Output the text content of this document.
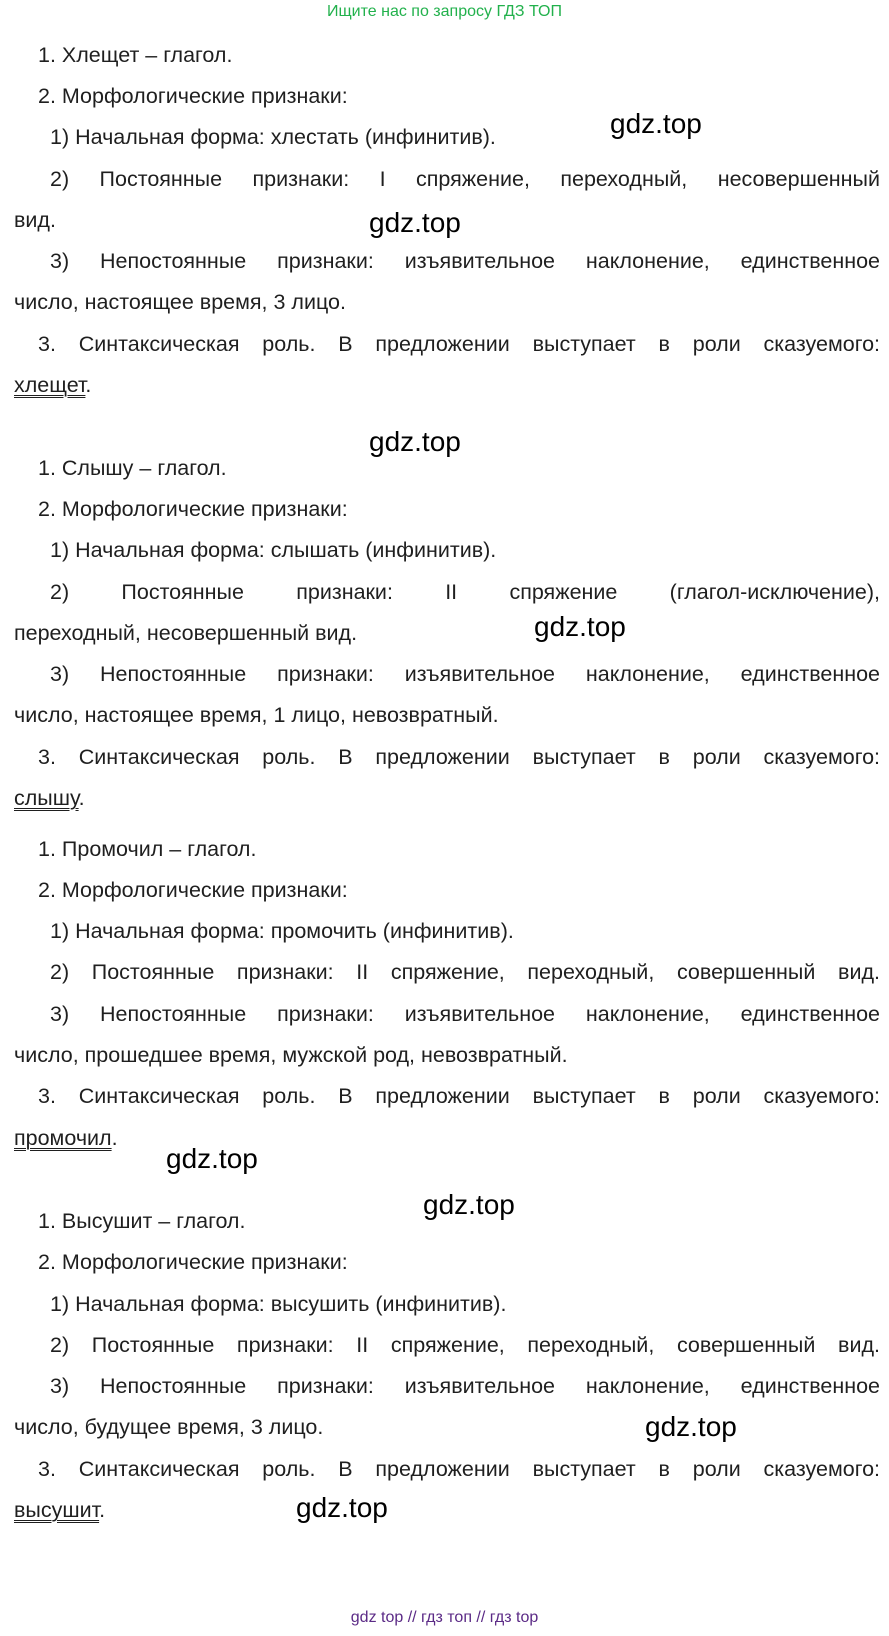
Ищите нас по запросу ГДЗ ТОП
1. Хлещет – глагол.
2. Морфологические признаки:
1) Начальная форма: хлестать (инфинитив).
2) Постоянные признаки: I спряжение, переходный, несовершенный
вид.
3) Непостоянные признаки: изъявительное наклонение, единственное
число, настоящее время, 3 лицо.
3. Синтаксическая роль. В предложении выступает в роли сказуемого:
хлещет.
1. Слышу – глагол.
2. Морфологические признаки:
1) Начальная форма: слышать (инфинитив).
2) Постоянные признаки: II спряжение (глагол-исключение),
переходный, несовершенный вид.
3) Непостоянные признаки: изъявительное наклонение, единственное
число, настоящее время, 1 лицо, невозвратный.
3. Синтаксическая роль. В предложении выступает в роли сказуемого:
слышу.
1. Промочил – глагол.
2. Морфологические признаки:
1) Начальная форма: промочить (инфинитив).
2) Постоянные признаки: II спряжение, переходный, совершенный вид.
3) Непостоянные признаки: изъявительное наклонение, единственное
число, прошедшее время, мужской род, невозвратный.
3. Синтаксическая роль. В предложении выступает в роли сказуемого:
промочил.
1. Высушит – глагол.
2. Морфологические признаки:
1) Начальная форма: высушить (инфинитив).
2) Постоянные признаки: II спряжение, переходный, совершенный вид.
3) Непостоянные признаки: изъявительное наклонение, единственное
число, будущее время, 3 лицо.
3. Синтаксическая роль. В предложении выступает в роли сказуемого:
высушит.
gdz.top
gdz.top
gdz.top
gdz.top
gdz.top
gdz.top
gdz.top
gdz.top
gdz top // гдз топ // гдз top
